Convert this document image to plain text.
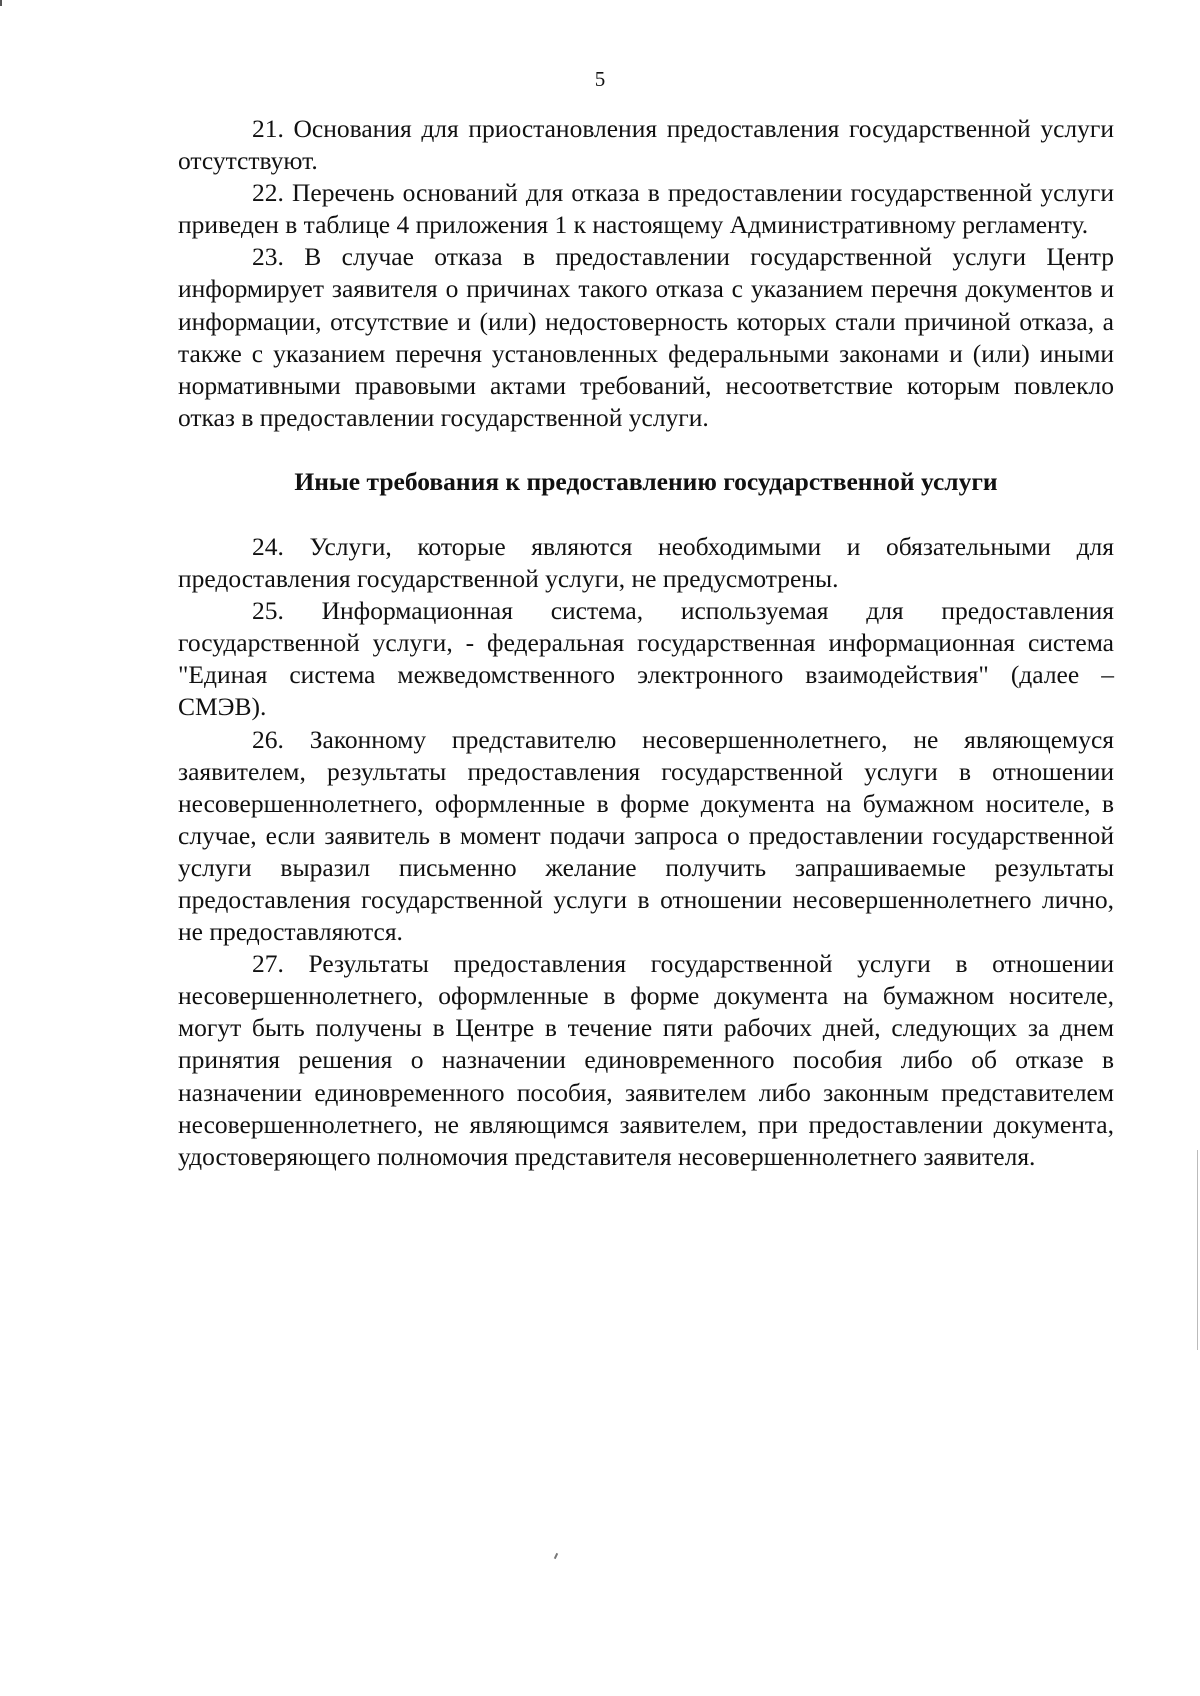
5

21. Основания для приостановления предоставления государственной услуги отсутствуют.

22. Перечень оснований для отказа в предоставлении государственной услуги приведен в таблице 4 приложения 1 к настоящему Административному регламенту.

23. В случае отказа в предоставлении государственной услуги Центр информирует заявителя о причинах такого отказа с указанием перечня документов и информации, отсутствие и (или) недостоверность которых стали причиной отказа, а также с указанием перечня установленных федеральными законами и (или) иными нормативными правовыми актами требований, несоответствие которым повлекло отказ в предоставлении государственной услуги.

Иные требования к предоставлению государственной услуги

24. Услуги, которые являются необходимыми и обязательными для предоставления государственной услуги, не предусмотрены.

25. Информационная система, используемая для предоставления государственной услуги, - федеральная государственная информационная система "Единая система межведомственного электронного взаимодействия" (далее – СМЭВ).

26. Законному представителю несовершеннолетнего, не являющемуся заявителем, результаты предоставления государственной услуги в отношении несовершеннолетнего, оформленные в форме документа на бумажном носителе, в случае, если заявитель в момент подачи запроса о предоставлении государственной услуги выразил письменно желание получить запрашиваемые результаты предоставления государственной услуги в отношении несовершеннолетнего лично, не предоставляются.

27. Результаты предоставления государственной услуги в отношении несовершеннолетнего, оформленные в форме документа на бумажном носителе, могут быть получены в Центре в течение пяти рабочих дней, следующих за днем принятия решения о назначении единовременного пособия либо об отказе в назначении единовременного пособия, заявителем либо законным представителем несовершеннолетнего, не являющимся заявителем, при предоставлении документа, удостоверяющего полномочия представителя несовершеннолетнего заявителя.
